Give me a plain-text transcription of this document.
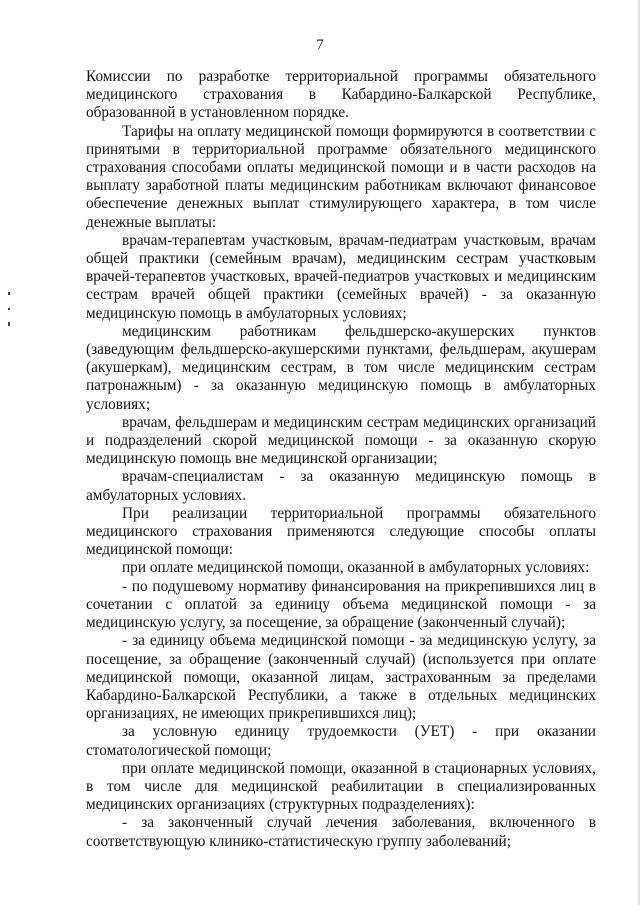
7

Комиссии по разработке территориальной программы обязательного медицинского страхования в Кабардино-Балкарской Республике, образованной в установленном порядке.

Тарифы на оплату медицинской помощи формируются в соответствии с принятыми в территориальной программе обязательного медицинского страхования способами оплаты медицинской помощи и в части расходов на выплату заработной платы медицинским работникам включают финансовое обеспечение денежных выплат стимулирующего характера, в том числе денежные выплаты:

врачам-терапевтам участковым, врачам-педиатрам участковым, врачам общей практики (семейным врачам), медицинским сестрам участковым врачей-терапевтов участковых, врачей-педиатров участковых и медицинским сестрам врачей общей практики (семейных врачей) - за оказанную медицинскую помощь в амбулаторных условиях;

медицинским работникам фельдшерско-акушерских пунктов (заведующим фельдшерско-акушерскими пунктами, фельдшерам, акушерам (акушеркам), медицинским сестрам, в том числе медицинским сестрам патронажным) - за оказанную медицинскую помощь в амбулаторных условиях;

врачам, фельдшерам и медицинским сестрам медицинских организаций и подразделений скорой медицинской помощи - за оказанную скорую медицинскую помощь вне медицинской организации;

врачам-специалистам - за оказанную медицинскую помощь в амбулаторных условиях.

При реализации территориальной программы обязательного медицинского страхования применяются следующие способы оплаты медицинской помощи:

при оплате медицинской помощи, оказанной в амбулаторных условиях:

- по подушевому нормативу финансирования на прикрепившихся лиц в сочетании с оплатой за единицу объема медицинской помощи - за медицинскую услугу, за посещение, за обращение (законченный случай);

- за единицу объема медицинской помощи - за медицинскую услугу, за посещение, за обращение (законченный случай) (используется при оплате медицинской помощи, оказанной лицам, застрахованным за пределами Кабардино-Балкарской Республики, а также в отдельных медицинских организациях, не имеющих прикрепившихся лиц);

за условную единицу трудоемкости (УЕТ) - при оказании стоматологической помощи;

при оплате медицинской помощи, оказанной в стационарных условиях, в том числе для медицинской реабилитации в специализированных медицинских организациях (структурных подразделениях):

- за законченный случай лечения заболевания, включенного в соответствующую клинико-статистическую группу заболеваний;
